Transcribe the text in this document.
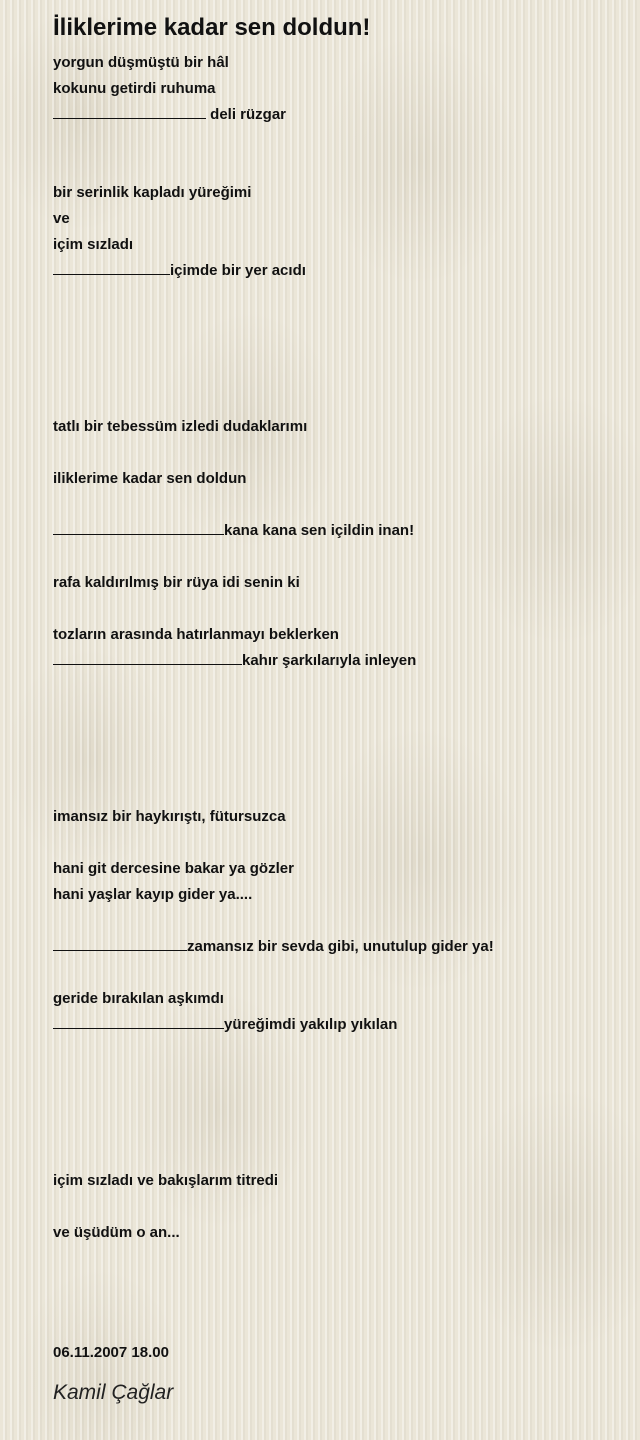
İliklerime kadar sen doldun!
yorgun düşmüştü bir hâl
kokunu getirdi ruhuma
deli rüzgar
bir serinlik kapladı yüreğimi
ve
içim sızladı
içimde bir yer acıdı
tatlı bir tebessüm izledi dudaklarımı
iliklerime kadar sen doldun
kana kana sen içildin inan!
rafa kaldırılmış bir rüya idi senin ki
tozların arasında hatırlanmayı beklerken
kahır şarkılarıyla inleyen
imansız bir haykırıştı, fütursuzca
hani git dercesine bakar ya gözler
hani yaşlar kayıp gider ya....
zamansız bir sevda gibi, unutulup gider ya!
geride bırakılan aşkımdı
yüreğimdi yakılıp yıkılan
içim sızladı ve bakışlarım titredi
ve üşüdüm o an...
06.11.2007 18.00
Kamil Çağlar
